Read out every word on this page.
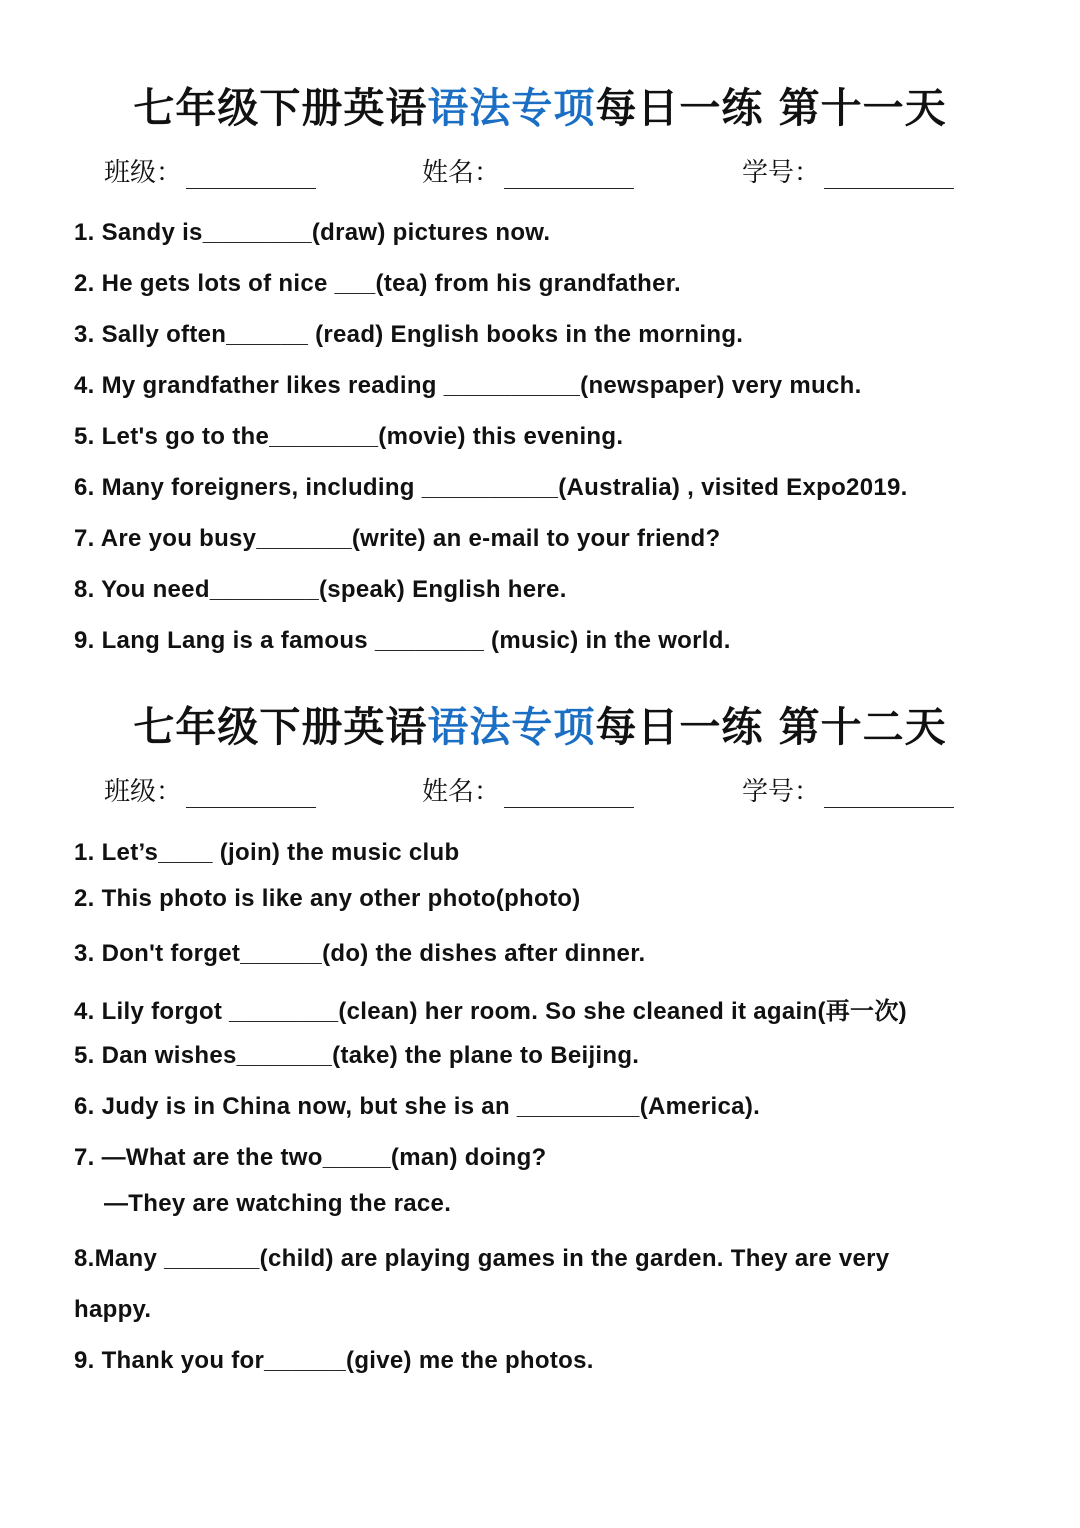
七年级下册英语语法专项每日一练 第十一天
班级：	姓名：	学号：
1. Sandy is________(draw) pictures now.
2. He gets lots of nice ___(tea) from his grandfather.
3. Sally often______ (read) English books in the morning.
4. My grandfather likes reading __________(newspaper) very much.
5. Let's go to the________(movie) this evening.
6. Many foreigners, including __________(Australia) , visited Expo2019.
7. Are you busy_______(write) an e-mail to your friend?
8. You need________(speak) English here.
9. Lang Lang is a famous ________ (music) in the world.
七年级下册英语语法专项每日一练 第十二天
班级：	姓名：	学号：
1. Let’s____ (join) the music club
2. This photo is like any other photo(photo)
3. Don't forget______(do) the dishes after dinner.
4. Lily forgot ________(clean) her room. So she cleaned it again(再一次)
5. Dan wishes_______(take) the plane to Beijing.
6. Judy is in China now, but she is an _________(America).
7. —What are the two_____(man) doing?
—They are watching the race.
8.Many _______(child) are playing games in the garden. They are very
happy.
9. Thank you for______(give) me the photos.
